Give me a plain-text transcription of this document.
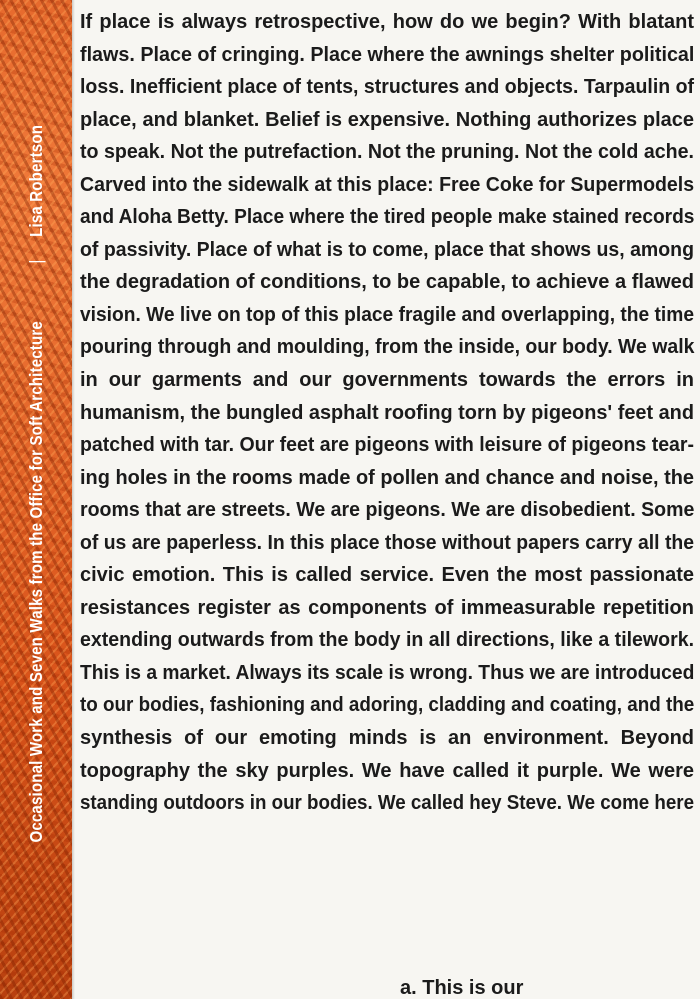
Occasional Work and Seven Walks from the Office for Soft Architecture|Lisa Robertson
If place is always retrospective, how do we begin? With blatant
flaws. Place of cringing. Place where the awnings shelter political
loss. Inefficient place of tents, structures and objects. Tarpaulin of
place, and blanket. Belief is expensive. Nothing authorizes place
to speak. Not the putrefaction. Not the pruning. Not the cold ache.
Carved into the sidewalk at this place: Free Coke for Supermodels
and Aloha Betty. Place where the tired people make stained records
of passivity. Place of what is to come, place that shows us, among
the degradation of conditions, to be capable, to achieve a flawed
vision. We live on top of this place fragile and overlapping, the time
pouring through and moulding, from the inside, our body. We walk
in our garments and our governments towards the errors in
humanism, the bungled asphalt roofing torn by pigeons' feet and
patched with tar. Our feet are pigeons with leisure of pigeons tear-
ing holes in the rooms made of pollen and chance and noise, the
rooms that are streets. We are pigeons. We are disobedient. Some
of us are paperless. In this place those without papers carry all the
civic emotion. This is called service. Even the most passionate
resistances register as components of immeasurable repetition
extending outwards from the body in all directions, like a tilework.
This is a market. Always its scale is wrong. Thus we are introduced
to our bodies, fashioning and adoring, cladding and coating, and the
synthesis of our emoting minds is an environment. Beyond
topography the sky purples. We have called it purple. We were
standing outdoors in our bodies. We called hey Steve. We come here
a. This is our
